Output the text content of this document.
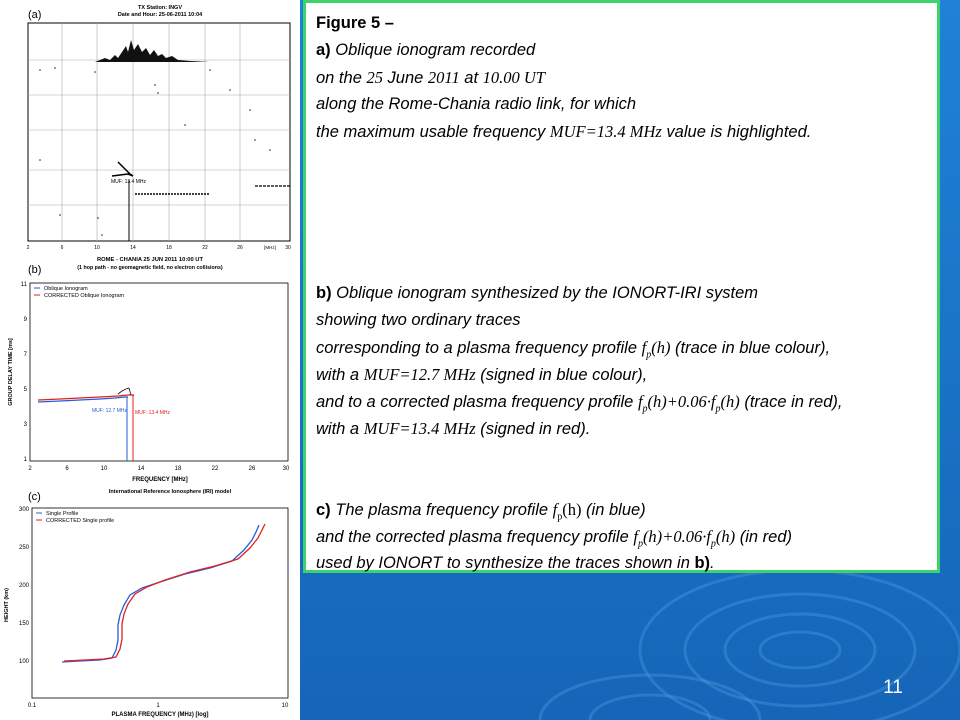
(a)
TX Station: INGV
Date and Hour: 25-06-2011 10:04
MUF: 13.4 MHz
2	6	10	14	18	22	26	30
[MHz]
ROME - CHANIA 25 JUN 2011 10:00 UT
(1 hop path - no geomagnetic field, no electron collisions)
(b)
Oblique Ionogram
CORRECTED Oblique Ionogram
GROUP DELAY TIME [ms]
11
9
7
5
3
1
MUF: 12.7 MHz MUF: 13.4 MHz
2	6	10	14	18	22	26	30
FREQUENCY [MHz]
International Reference Ionosphere (IRI) model
(c)
Single Profile
CORRECTED Single profile
HEIGHT (km)
300
250
200
150
100
0.1	1	10
PLASMA FREQUENCY (MHz) [log]
Figure 5 –
a) Oblique ionogram recorded
on the 25 June 2011 at 10.00 UT
along the Rome-Chania radio link, for which
the maximum usable frequency MUF=13.4 MHz value is highlighted.
b) Oblique ionogram synthesized by the IONORT-IRI system
showing two ordinary traces
corresponding to a plasma frequency profile $f_p(h)$ (trace in blue colour),
with a MUF=12.7 MHz (signed in blue colour),
and to a corrected plasma frequency profile $f_p(h)+0.06\cdot f_p(h)$ (trace in red),
with a MUF=13.4 MHz (signed in red).
c) The plasma frequency profile $f_p(h)$ (in blue)
and the corrected plasma frequency profile $f_p(h)+0.06\cdot f_p(h)$ (in red)
used by IONORT to synthesize the traces shown in b).
11
